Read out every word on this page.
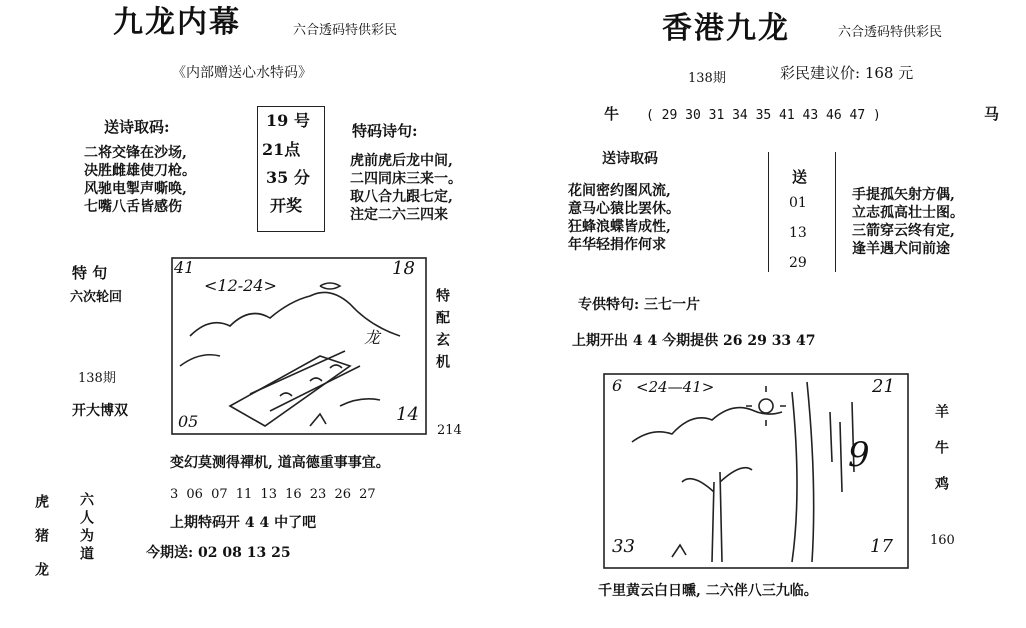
九龙内幕	六合透码特供彩民
《内部赠送心水特码》
送诗取码:
二将交锋在沙场,
决胜雌雄使刀枪。
风驰电掣声嘶唤,
七嘴八舌皆感伤
19 号
21点
35 分
开奖
特码诗句:
虎前虎后龙中间,
二四同床三来一。
取八合九跟七定,
注定二六三四来
特 句
六次轮回
138期
开大博双
41	18
<12-24>
05	14
龙	特配玄机
214
变幻莫测得禪机, 道高德重事事宜。
3 06 07 11 13 16 23 26 27
上期特码开 4 4 中了吧
今期送: 02 08 13 25
虎猪龙 六人为道
香港九龙	六合透码特供彩民
138期	彩民建议价: 168 元
牛 ( 29 30 31 34 35 41 43 46 47 )	马
送诗取码
花间密约图风流,
意马心猿比罢休。
狂蜂浪蝶皆成性,
年华轻捐作何求
送
01
13
29
手提孤矢射方偶,
立志孤高壮士图。
三箭穿云终有定,
逢羊遇犬问前途
专供特句: 三七一片
上期开出 4 4 今期提供 26 29 33 47
6 <24—41>	21
9
33	17
羊牛鸡
160
千里黄云白日曛, 二六伴八三九临。
